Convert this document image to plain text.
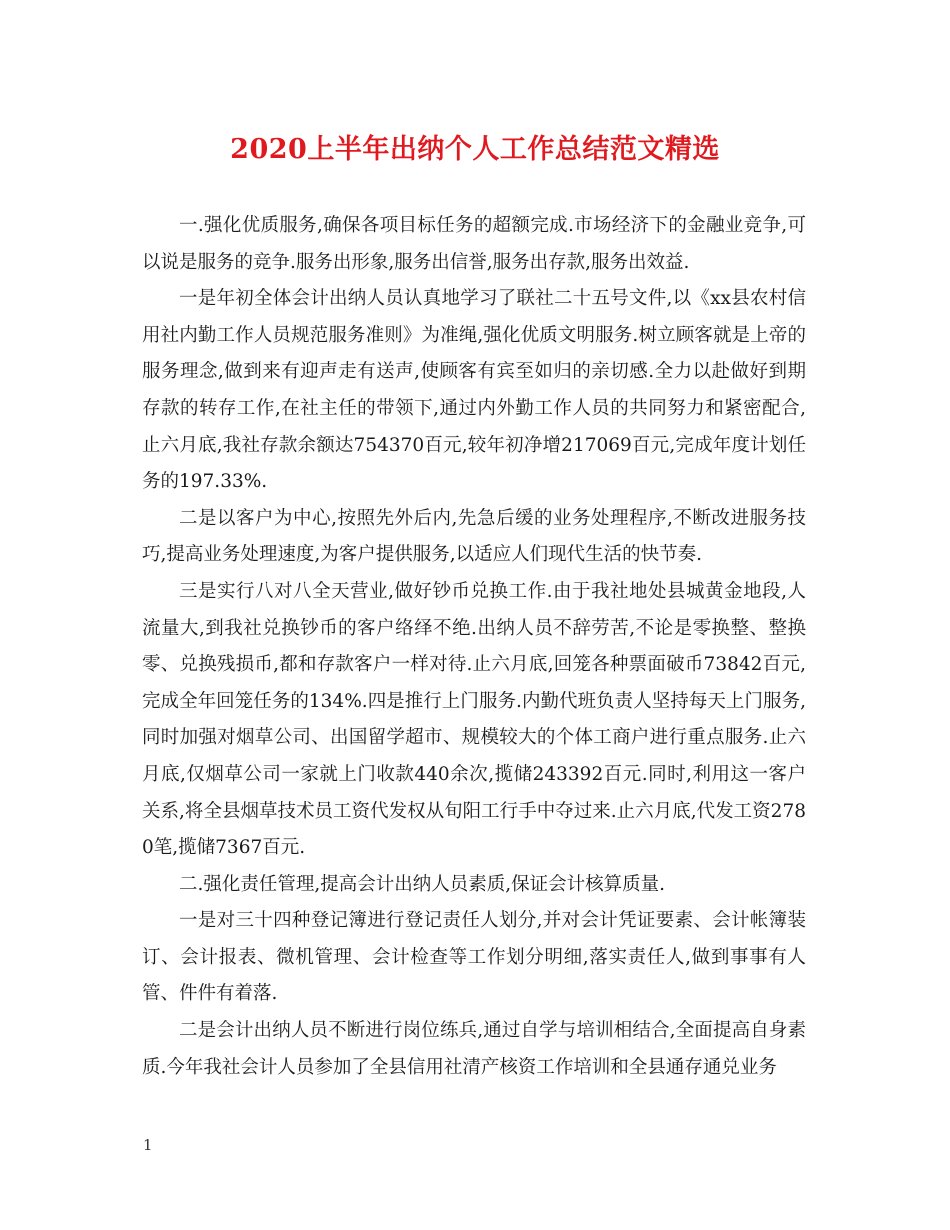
2020上半年出纳个人工作总结范文精选

一.强化优质服务,确保各项目标任务的超额完成.市场经济下的金融业竞争,可以说是服务的竞争.服务出形象,服务出信誉,服务出存款,服务出效益.

一是年初全体会计出纳人员认真地学习了联社二十五号文件,以《xx县农村信用社内勤工作人员规范服务准则》为准绳,强化优质文明服务.树立顾客就是上帝的服务理念,做到来有迎声走有送声,使顾客有宾至如归的亲切感.全力以赴做好到期存款的转存工作,在社主任的带领下,通过内外勤工作人员的共同努力和紧密配合,止六月底,我社存款余额达754370百元,较年初净增217069百元,完成年度计划任务的197.33%.

二是以客户为中心,按照先外后内,先急后缓的业务处理程序,不断改进服务技巧,提高业务处理速度,为客户提供服务,以适应人们现代生活的快节奏.

三是实行八对八全天营业,做好钞币兑换工作.由于我社地处县城黄金地段,人流量大,到我社兑换钞币的客户络绎不绝.出纳人员不辞劳苦,不论是零换整、整换零、兑换残损币,都和存款客户一样对待.止六月底,回笼各种票面破币73842百元,完成全年回笼任务的134%.四是推行上门服务.内勤代班负责人坚持每天上门服务,同时加强对烟草公司、出国留学超市、规模较大的个体工商户进行重点服务.止六月底,仅烟草公司一家就上门收款440余次,揽储243392百元.同时,利用这一客户关系,将全县烟草技术员工资代发权从旬阳工行手中夺过来.止六月底,代发工资2780笔,揽储7367百元.

二.强化责任管理,提高会计出纳人员素质,保证会计核算质量.

一是对三十四种登记簿进行登记责任人划分,并对会计凭证要素、会计帐簿装订、会计报表、微机管理、会计检查等工作划分明细,落实责任人,做到事事有人管、件件有着落.

二是会计出纳人员不断进行岗位练兵,通过自学与培训相结合,全面提高自身素质.今年我社会计人员参加了全县信用社清产核资工作培训和全县通存通兑业务

1
